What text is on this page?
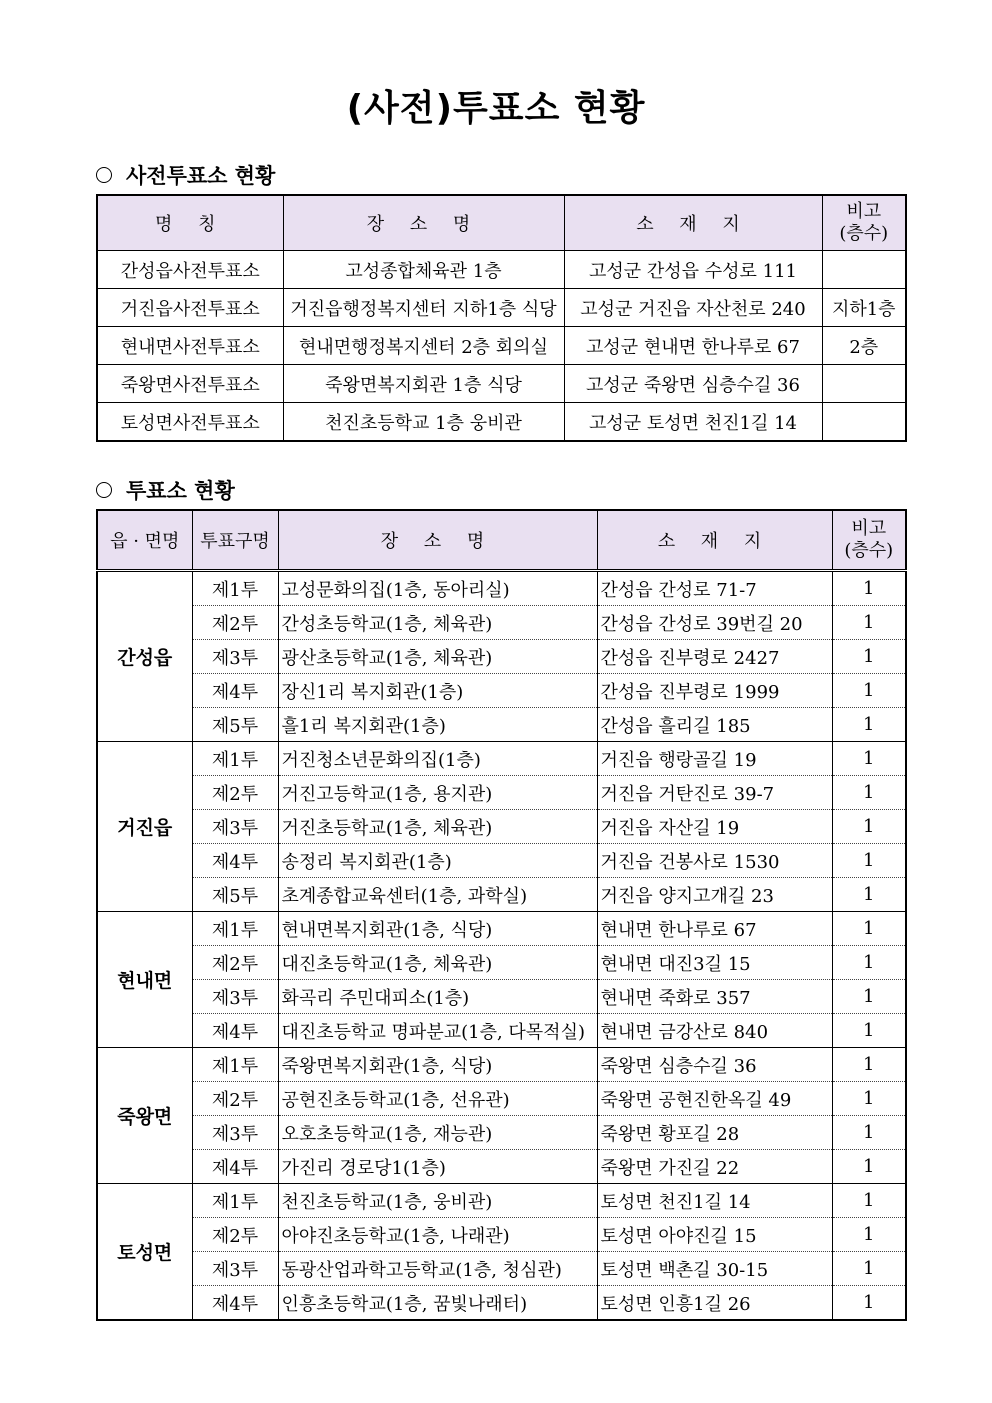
(사전)투표소 현황
사전투표소 현황
명 칭	장 소 명	소 재 지	비고
(층수)
간성읍사전투표소	고성종합체육관 1층	고성군 간성읍 수성로 111	
거진읍사전투표소	거진읍행정복지센터 지하1층 식당	고성군 거진읍 자산천로 240	지하1층
현내면사전투표소	현내면행정복지센터 2층 회의실	고성군 현내면 한나루로 67	2층
죽왕면사전투표소	죽왕면복지회관 1층 식당	고성군 죽왕면 심층수길 36	
토성면사전투표소	천진초등학교 1층 웅비관	고성군 토성면 천진1길 14	
투표소 현황
읍 · 면명	투표구명	장 소 명	소 재 지	비고
(층수)
간성읍	제1투	고성문화의집(1층, 동아리실)	간성읍 간성로 71-7	1
	제2투	간성초등학교(1층, 체육관)	간성읍 간성로 39번길 20	1
	제3투	광산초등학교(1층, 체육관)	간성읍 진부령로 2427	1
	제4투	장신1리 복지회관(1층)	간성읍 진부령로 1999	1
	제5투	흘1리 복지회관(1층)	간성읍 흘리길 185	1
거진읍	제1투	거진청소년문화의집(1층)	거진읍 행랑골길 19	1
	제2투	거진고등학교(1층, 용지관)	거진읍 거탄진로 39-7	1
	제3투	거진초등학교(1층, 체육관)	거진읍 자산길 19	1
	제4투	송정리 복지회관(1층)	거진읍 건봉사로 1530	1
	제5투	초계종합교육센터(1층, 과학실)	거진읍 양지고개길 23	1
현내면	제1투	현내면복지회관(1층, 식당)	현내면 한나루로 67	1
	제2투	대진초등학교(1층, 체육관)	현내면 대진3길 15	1
	제3투	화곡리 주민대피소(1층)	현내면 죽화로 357	1
	제4투	대진초등학교 명파분교(1층, 다목적실)	현내면 금강산로 840	1
죽왕면	제1투	죽왕면복지회관(1층, 식당)	죽왕면 심층수길 36	1
	제2투	공현진초등학교(1층, 선유관)	죽왕면 공현진한옥길 49	1
	제3투	오호초등학교(1층, 재능관)	죽왕면 황포길 28	1
	제4투	가진리 경로당1(1층)	죽왕면 가진길 22	1
토성면	제1투	천진초등학교(1층, 웅비관)	토성면 천진1길 14	1
	제2투	아야진초등학교(1층, 나래관)	토성면 아야진길 15	1
	제3투	동광산업과학고등학교(1층, 청심관)	토성면 백촌길 30-15	1
	제4투	인흥초등학교(1층, 꿈빛나래터)	토성면 인흥1길 26	1
